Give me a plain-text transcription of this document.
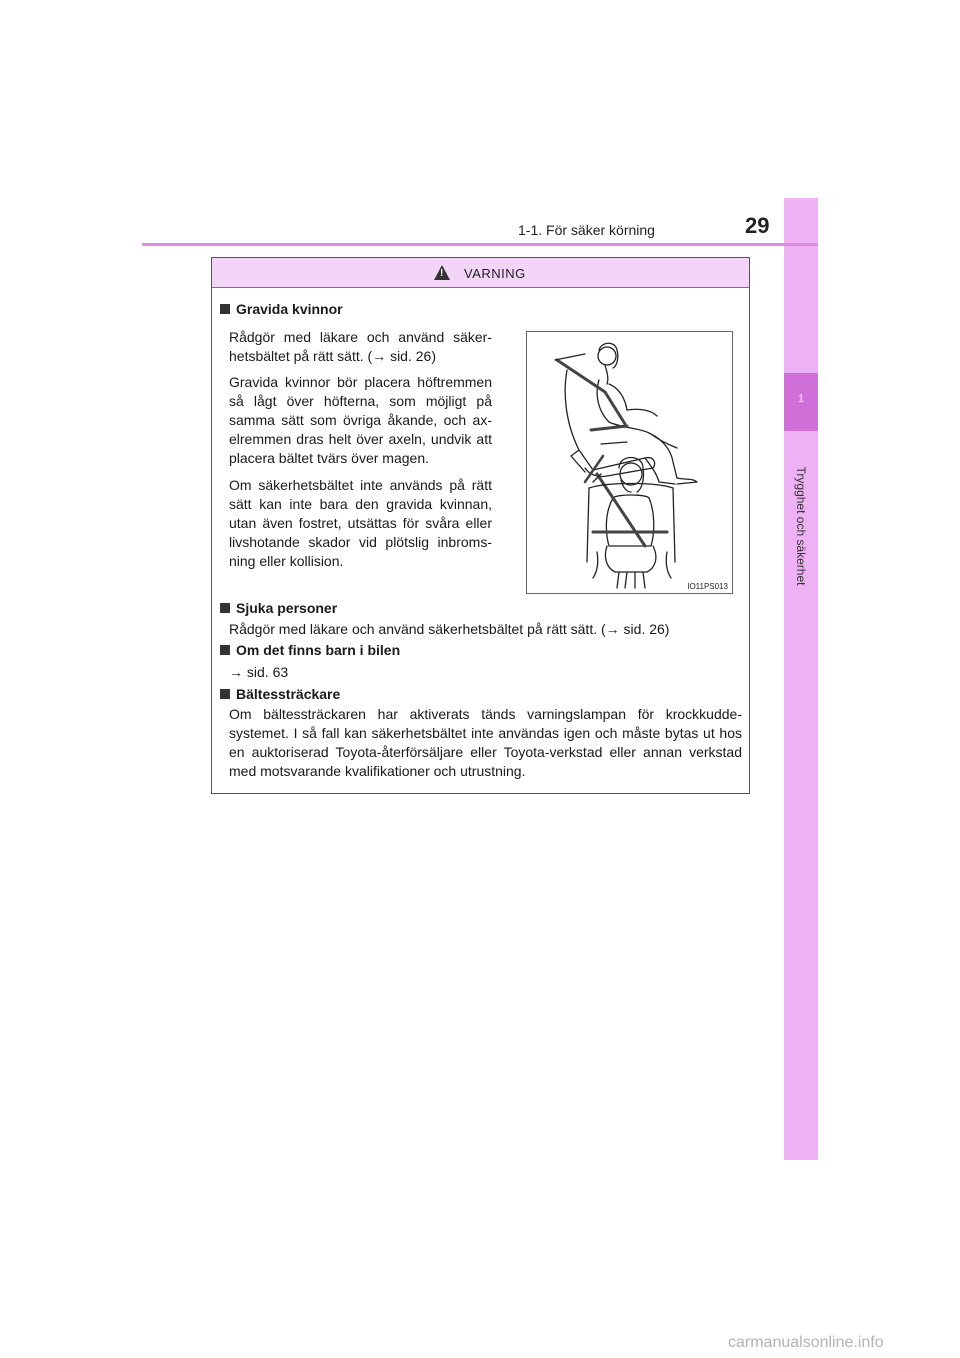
1
Trygghet och säkerhet
1-1. För säker körning	29
! VARNING
Gravida kvinnor
Rådgör med läkare och använd säker-hetsbältet på rätt sätt. (→ sid. 26)
Gravida kvinnor bör placera höftremmen så lågt över höfterna, som möjligt på samma sätt som övriga åkande, och ax-elremmen dras helt över axeln, undvik att placera bältet tvärs över magen.
Om säkerhetsbältet inte används på rätt sätt kan inte bara den gravida kvinnan, utan även fostret, utsättas för svåra eller livshotande skador vid plötslig inbroms-ning eller kollision.
IO11PS013
Sjuka personer
Rådgör med läkare och använd säkerhetsbältet på rätt sätt. (→ sid. 26)
Om det finns barn i bilen
→ sid. 63
Bältessträckare
Om bältessträckaren har aktiverats tänds varningslampan för krockkudde-systemet. I så fall kan säkerhetsbältet inte användas igen och måste bytas ut hos en auktoriserad Toyota-återförsäljare eller Toyota-verkstad eller annan verkstad med motsvarande kvalifikationer och utrustning.
carmanualsonline.info
